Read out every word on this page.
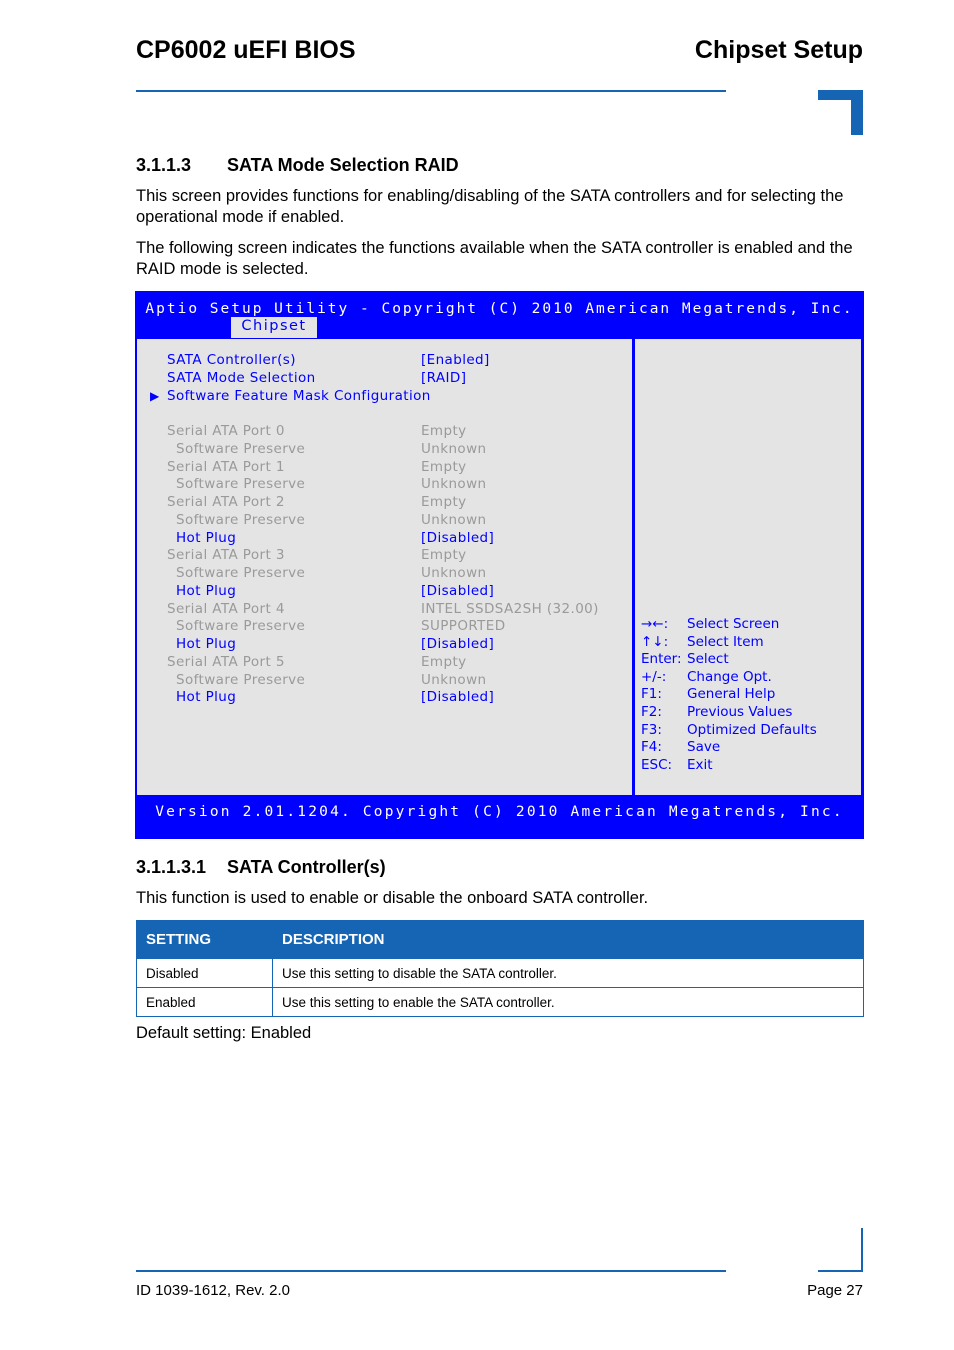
CP6002 uEFI BIOS	Chipset Setup
3.1.1.3 SATA Mode Selection RAID
This screen provides functions for enabling/disabling of the SATA controllers and for selecting the operational mode if enabled.
The following screen indicates the functions available when the SATA controller is enabled and the RAID mode is selected.
Aptio Setup Utility - Copyright (C) 2010 American Megatrends, Inc.
Chipset
SATA Controller(s)	[Enabled]
SATA Mode Selection	[RAID]
▶ Software Feature Mask Configuration
Serial ATA Port 0	Empty
Software Preserve	Unknown
Serial ATA Port 1	Empty
Software Preserve	Unknown
Serial ATA Port 2	Empty
Software Preserve	Unknown
Hot Plug	[Disabled]
Serial ATA Port 3	Empty
Software Preserve	Unknown
Hot Plug	[Disabled]
Serial ATA Port 4	INTEL SSDSA2SH (32.00)
Software Preserve	SUPPORTED
Hot Plug	[Disabled]
Serial ATA Port 5	Empty
Software Preserve	Unknown
Hot Plug	[Disabled]
→←: Select Screen
↑↓: Select Item
Enter: Select
+/-: Change Opt.
F1: General Help
F2: Previous Values
F3: Optimized Defaults
F4: Save
ESC: Exit
Version 2.01.1204. Copyright (C) 2010 American Megatrends, Inc.
3.1.1.3.1 SATA Controller(s)
This function is used to enable or disable the onboard SATA controller.
SETTING	DESCRIPTION
Disabled	Use this setting to disable the SATA controller.
Enabled	Use this setting to enable the SATA controller.
Default setting: Enabled
ID 1039-1612, Rev. 2.0	Page 27
